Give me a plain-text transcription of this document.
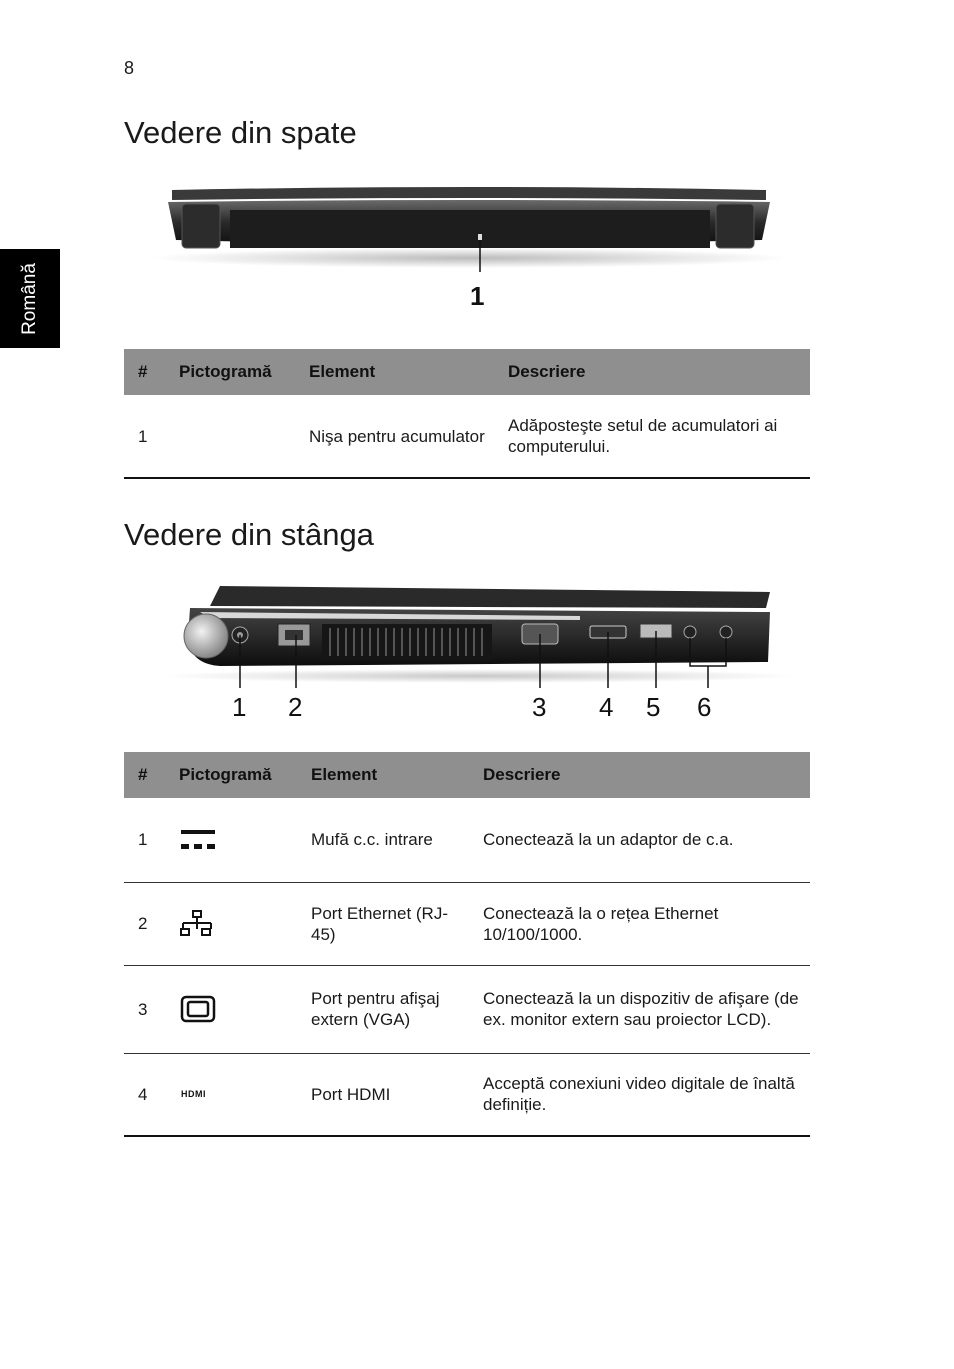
8
Română
Vedere din spate
1
#	Pictogramă	Element	Descriere
1		Nişa pentru acumulator	Adăposteşte setul de acumulatori ai computerului.
Vedere din stânga
1 2	3 4 5 6
#	Pictogramă	Element	Descriere
1		Mufă c.c. intrare	Conectează la un adaptor de c.a.
2		Port Ethernet (RJ-45)	Conectează la o rețea Ethernet 10/100/1000.
3		Port pentru afişaj extern (VGA)	Conectează la un dispozitiv de afişare (de ex. monitor extern sau proiector LCD).
4	HDMI	Port HDMI	Acceptă conexiuni video digitale de înaltă definiție.
